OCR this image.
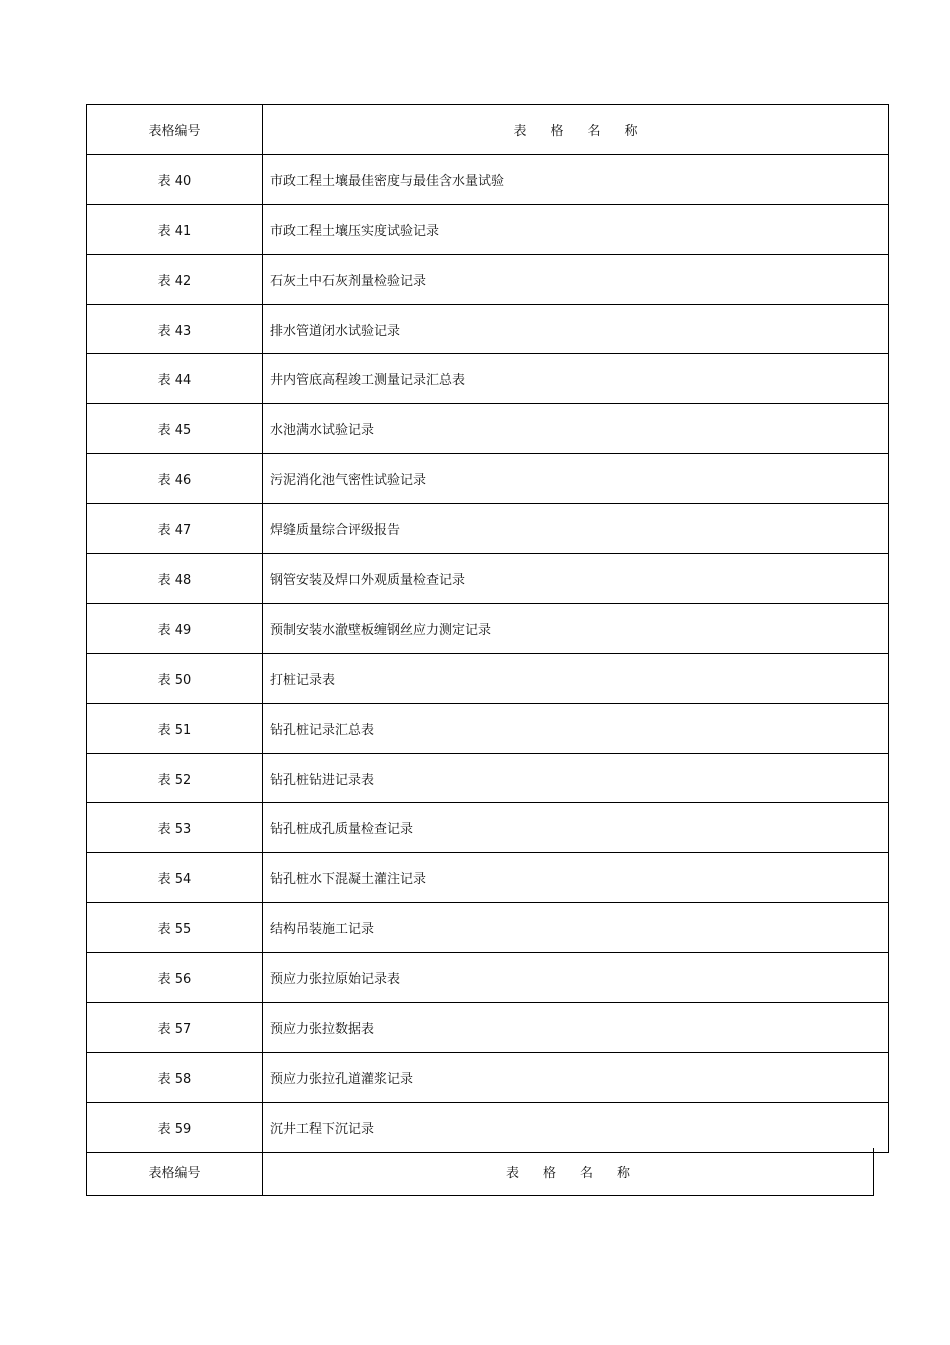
表格编号	表 格 名 称
表 40	市政工程土壤最佳密度与最佳含水量试验
表 41	市政工程土壤压实度试验记录
表 42	石灰土中石灰剂量检验记录
表 43	排水管道闭水试验记录
表 44	井内管底高程竣工测量记录汇总表
表 45	水池满水试验记录
表 46	污泥消化池气密性试验记录
表 47	焊缝质量综合评级报告
表 48	钢管安装及焊口外观质量检查记录
表 49	预制安装水澈壁板缠钢丝应力测定记录
表 50	打桩记录表
表 51	钻孔桩记录汇总表
表 52	钻孔桩钻进记录表
表 53	钻孔桩成孔质量检查记录
表 54	钻孔桩水下混凝土灌注记录
表 55	结构吊装施工记录
表 56	预应力张拉原始记录表
表 57	预应力张拉数据表
表 58	预应力张拉孔道灌浆记录
表 59	沉井工程下沉记录
表格编号	表 格 名 称
